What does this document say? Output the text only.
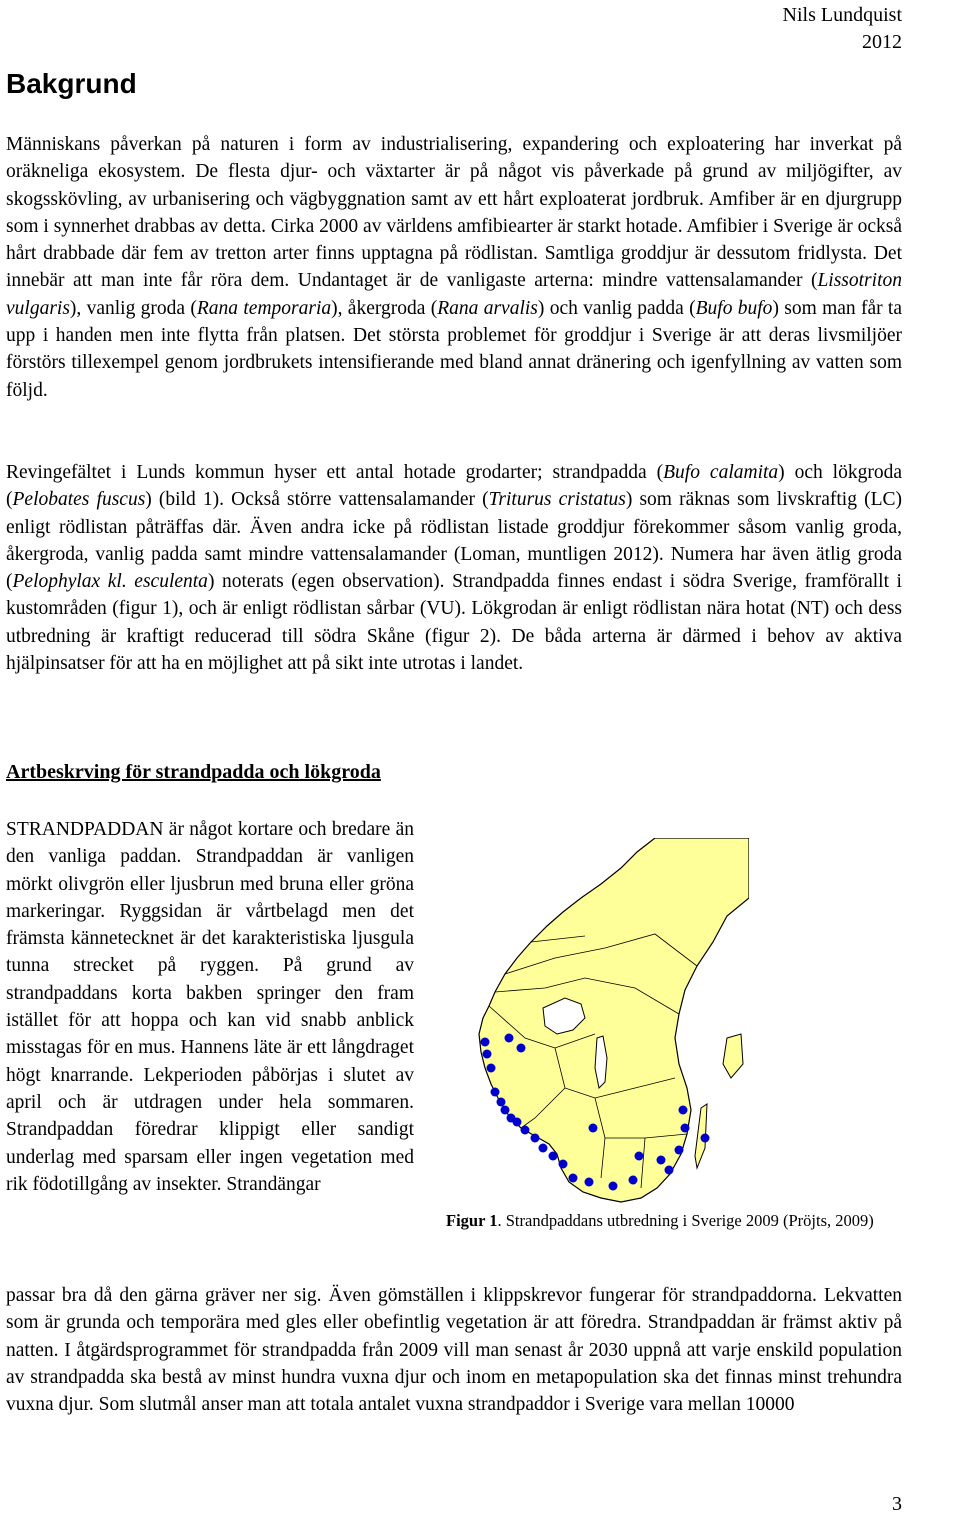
Nils Lundquist
2012
Bakgrund

Människans påverkan på naturen i form av industrialisering, expandering och exploatering har inverkat på oräkneliga ekosystem. De flesta djur- och växtarter är på något vis påverkade på grund av miljögifter, av skogsskövling, av urbanisering och vägbyggnation samt av ett hårt exploaterat jordbruk. Amfiber är en djurgrupp som i synnerhet drabbas av detta. Cirka 2000 av världens amfibiearter är starkt hotade. Amfibier i Sverige är också hårt drabbade där fem av tretton arter finns upptagna på rödlistan. Samtliga groddjur är dessutom fridlysta. Det innebär att man inte får röra dem. Undantaget är de vanligaste arterna: mindre vattensalamander (Lissotriton vulgaris), vanlig groda (Rana temporaria), åkergroda (Rana arvalis) och vanlig padda (Bufo bufo) som man får ta upp i handen men inte flytta från platsen. Det största problemet för groddjur i Sverige är att deras livsmiljöer förstörs tillexempel genom jordbrukets intensifierande med bland annat dränering och igenfyllning av vatten som följd.

Revingefältet i Lunds kommun hyser ett antal hotade grodarter; strandpadda (Bufo calamita) och lökgroda (Pelobates fuscus) (bild 1). Också större vattensalamander (Triturus cristatus) som räknas som livskraftig (LC) enligt rödlistan påträffas där. Även andra icke på rödlistan listade groddjur förekommer såsom vanlig groda, åkergroda, vanlig padda samt mindre vattensalamander (Loman, muntligen 2012). Numera har även ätlig groda (Pelophylax kl. esculenta) noterats (egen observation). Strandpadda finnes endast i södra Sverige, framförallt i kustområden (figur 1), och är enligt rödlistan sårbar (VU). Lökgrodan är enligt rödlistan nära hotat (NT) och dess utbredning är kraftigt reducerad till södra Skåne (figur 2). De båda arterna är därmed i behov av aktiva hjälpinsatser för att ha en möjlighet att på sikt inte utrotas i landet.

Artbeskrving för strandpadda och lökgroda

STRANDPADDAN är något kortare och bredare än den vanliga paddan. Strandpaddan är vanligen mörkt olivgrön eller ljusbrun med bruna eller gröna markeringar. Ryggsidan är vårtbelagd men det främsta kännetecknet är det karakteristiska ljusgula tunna strecket på ryggen. På grund av strandpaddans korta bakben springer den fram istället för att hoppa och kan vid snabb anblick misstagas för en mus. Hannens läte är ett långdraget högt knarrande. Lekperioden påbörjas i slutet av april och är utdragen under hela sommaren. Strandpaddan föredrar klippigt eller sandigt underlag med sparsam eller ingen vegetation med rik födotillgång av insekter. Strandängar

Figur 1. Strandpaddans utbredning i Sverige 2009 (Pröjts, 2009)

passar bra då den gärna gräver ner sig. Även gömställen i klippskrevor fungerar för strandpaddorna. Lekvatten som är grunda och temporära med gles eller obefintlig vegetation är att föredra. Strandpaddan är främst aktiv på natten. I åtgärdsprogrammet för strandpadda från 2009 vill man senast år 2030 uppnå att varje enskild population av strandpadda ska bestå av minst hundra vuxna djur och inom en metapopulation ska det finnas minst trehundra vuxna djur. Som slutmål anser man att totala antalet vuxna strandpaddor i Sverige vara mellan 10000

3
